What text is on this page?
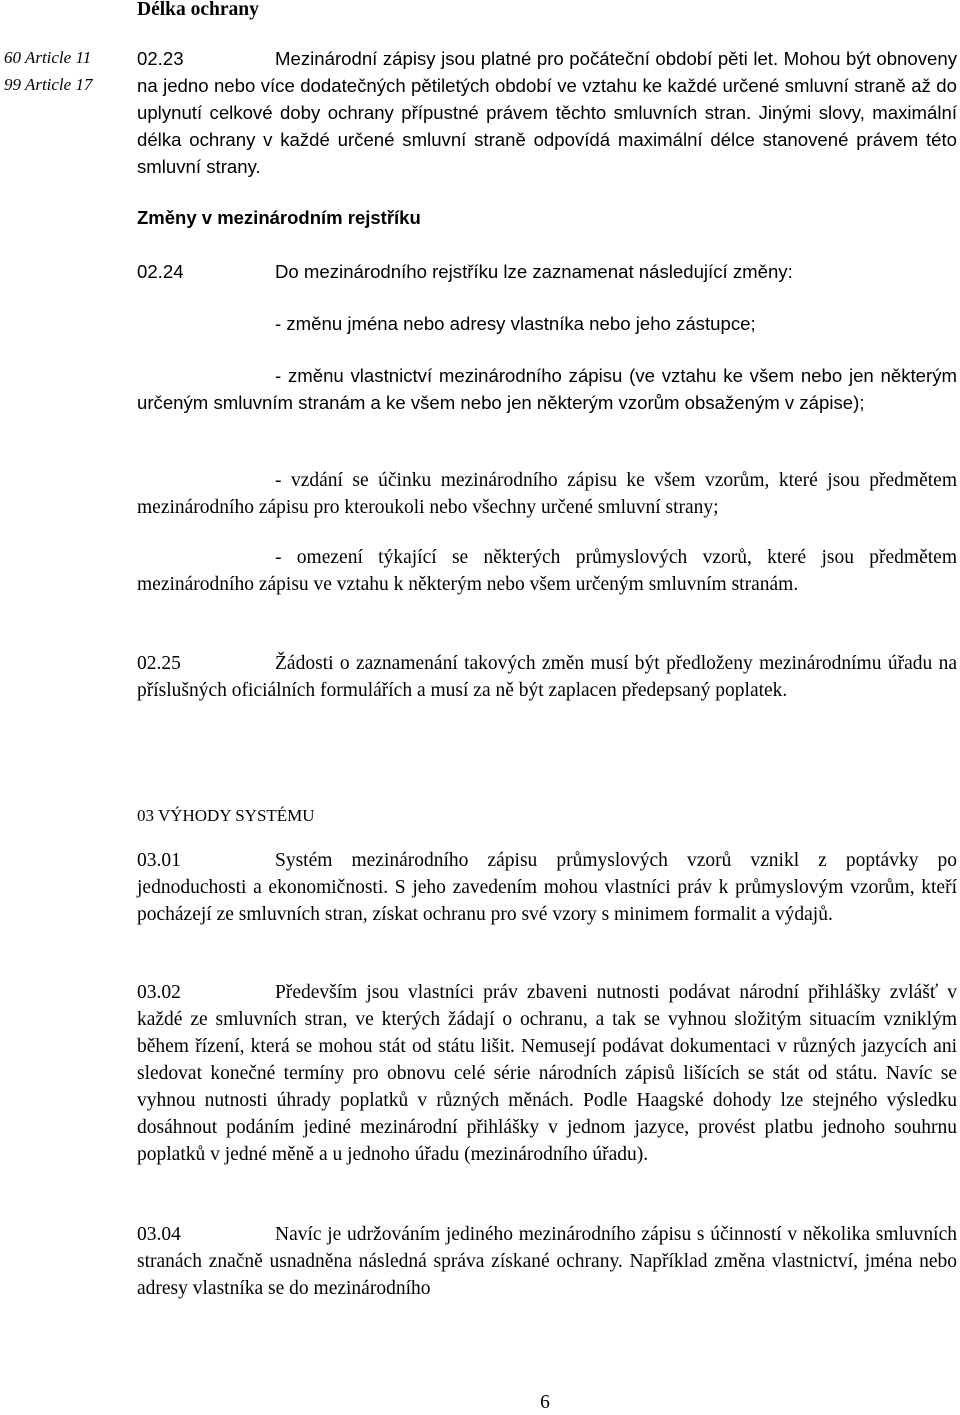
Délka ochrany
60 Article 11
99 Article 17
02.23	Mezinárodní zápisy jsou platné pro počáteční období pěti let. Mohou být obnoveny na jedno nebo více dodatečných pětiletých období ve vztahu ke každé určené smluvní straně až do uplynutí celkové doby ochrany přípustné právem těchto smluvních stran. Jinými slovy, maximální délka ochrany v každé určené smluvní straně odpovídá maximální délce stanovené právem této smluvní strany.
Změny v mezinárodním rejstříku
02.24	Do mezinárodního rejstříku lze zaznamenat následující změny:
- změnu jména nebo adresy vlastníka nebo jeho zástupce;
- změnu vlastnictví mezinárodního zápisu (ve vztahu ke všem nebo jen některým určeným smluvním stranám a ke všem nebo jen některým vzorům obsaženým v zápise);
- vzdání se účinku mezinárodního zápisu ke všem vzorům, které jsou předmětem mezinárodního zápisu pro kteroukoli nebo všechny určené smluvní strany;
- omezení týkající se některých průmyslových vzorů, které jsou předmětem mezinárodního zápisu ve vztahu k některým nebo všem určeným smluvním stranám.
02.25	Žádosti o zaznamenání takových změn musí být předloženy mezinárodnímu úřadu na příslušných oficiálních formulářích a musí za ně být zaplacen předepsaný poplatek.
03 VÝHODY SYSTÉMU
03.01	Systém mezinárodního zápisu průmyslových vzorů vznikl z poptávky po jednoduchosti a ekonomičnosti. S jeho zavedením mohou vlastníci práv k průmyslovým vzorům, kteří pocházejí ze smluvních stran, získat ochranu pro své vzory s minimem formalit a výdajů.
03.02	Především jsou vlastníci práv zbaveni nutnosti podávat národní přihlášky zvlášť v každé ze smluvních stran, ve kterých žádají o ochranu, a tak se vyhnou složitým situacím vzniklým během řízení, která se mohou stát od státu lišit. Nemusejí podávat dokumentaci v různých jazycích ani sledovat konečné termíny pro obnovu celé série národních zápisů lišících se stát od státu. Navíc se vyhnou nutnosti úhrady poplatků v různých měnách. Podle Haagské dohody lze stejného výsledku dosáhnout podáním jediné mezinárodní přihlášky v jednom jazyce, provést platbu jednoho souhrnu poplatků v jedné měně a u jednoho úřadu (mezinárodního úřadu).
03.04	Navíc je udržováním jediného mezinárodního zápisu s účinností v několika smluvních stranách značně usnadněna následná správa získané ochrany. Například změna vlastnictví, jména nebo adresy vlastníka se do mezinárodního
6
